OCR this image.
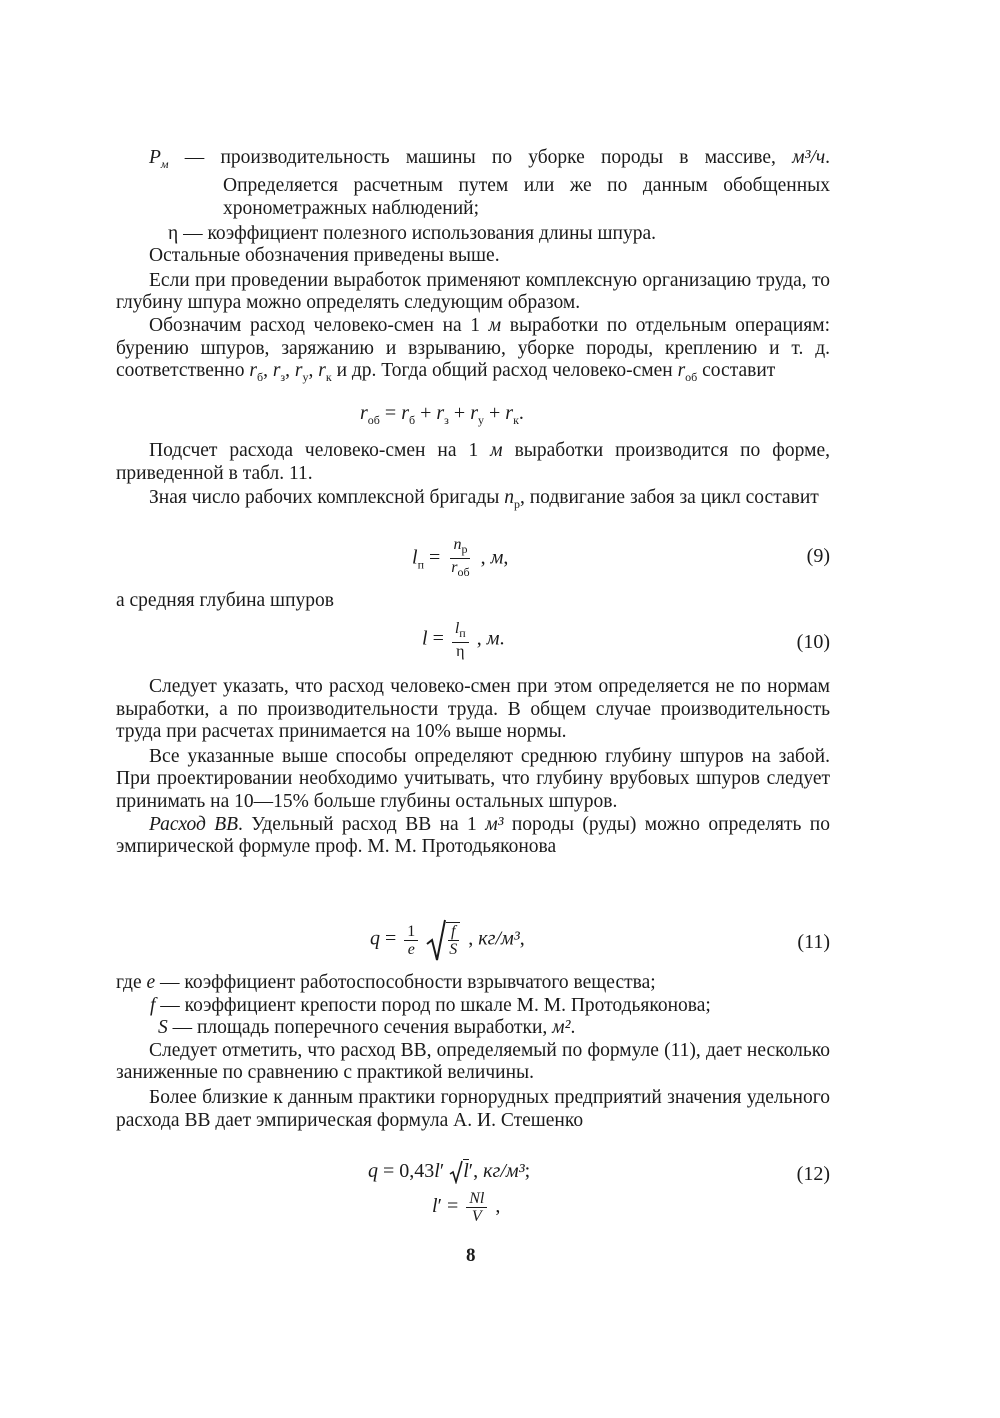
$P_м$ — производительность машины по уборке породы в массиве, м³/ч. Определяется расчетным путем или же по данным обобщенных хронометражных наблюдений;

η — коэффициент полезного использования длины шпура.

Остальные обозначения приведены выше.

Если при проведении выработок применяют комплексную организацию труда, то глубину шпура можно определять следующим образом.

Обозначим расход человеко-смен на 1 м выработки по отдельным операциям: бурению шпуров, заряжанию и взрыванию, уборке породы, креплению и т. д. соответственно $r_б$, $r_з$, $r_у$, $r_к$ и др. Тогда общий расход человеко-смен $r_{об}$ составит

$r_{об} = r_б + r_з + r_у + r_к$.

Подсчет расхода человеко-смен на 1 м выработки производится по форме, приведенной в табл. 11.

Зная число рабочих комплексной бригады $n_р$, подвигание забоя за цикл составит

$l_п = \frac{n_р}{r_{об}}$ , м,	(9)

а средняя глубина шпуров

$l = \frac{l_п}{\eta}$ , м.	(10)

Следует указать, что расход человеко-смен при этом определяется не по нормам выработки, а по производительности труда. В общем случае производительность труда при расчетах принимается на 10% выше нормы.

Все указанные выше способы определяют среднюю глубину шпуров на забой. При проектировании необходимо учитывать, что глубину врубовых шпуров следует принимать на 10—15% больше глубины остальных шпуров.

Расход ВВ. Удельный расход ВВ на 1 м³ породы (руды) можно определять по эмпирической формуле проф. М. М. Протодьяконова

$q = \frac{1}{e}$
$\frac{f}{S}$ , кг/м³,	(11)

где e — коэффициент работоспособности взрывчатого вещества;

f — коэффициент крепости пород по шкале М. М. Протодьяконова;

S — площадь поперечного сечения выработки, м².

Следует отметить, что расход ВВ, определяемый по формуле (11), дает несколько заниженные по сравнению с практикой величины.

Более близкие к данным практики горнорудных предприятий значения удельного расхода ВВ дает эмпирическая формула А. И. Стешенко

q = 0,43l′ l′, кг/м³;	(12)
$l' = \frac{Nl}{V}$ ,
8
